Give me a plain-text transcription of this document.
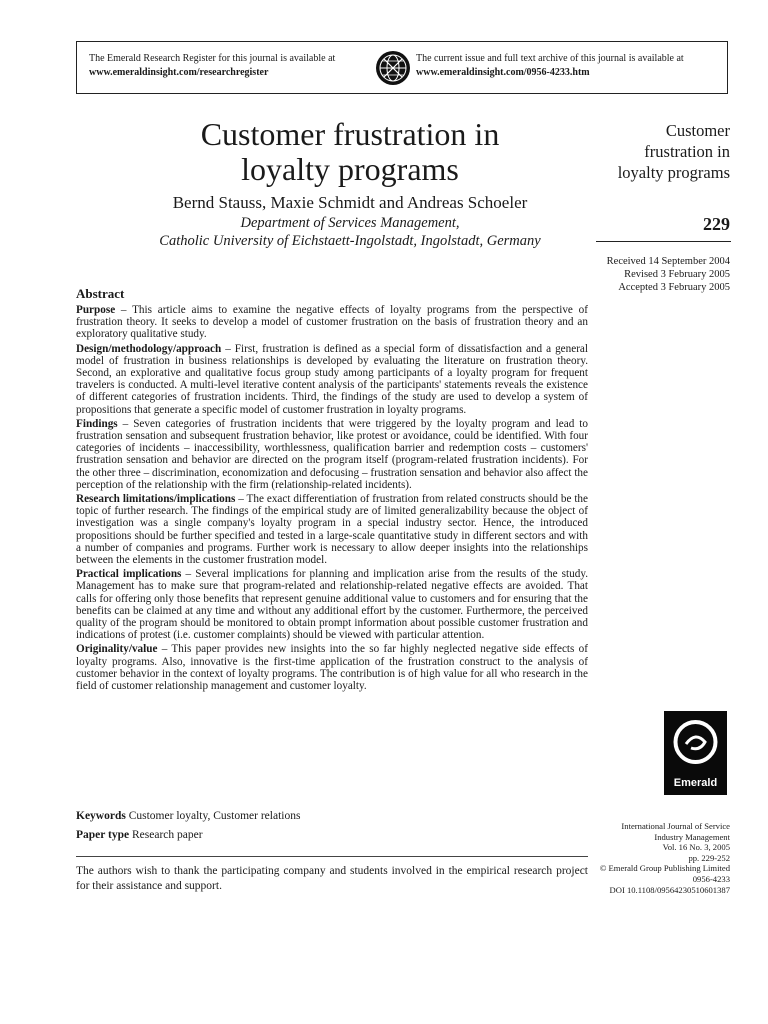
The Emerald Research Register for this journal is available at
www.emeraldinsight.com/researchregister
The current issue and full text archive of this journal is available at
www.emeraldinsight.com/0956-4233.htm
Customer frustration in
loyalty programs
Bernd Stauss, Maxie Schmidt and Andreas Schoeler
Department of Services Management,
Catholic University of Eichstaett-Ingolstadt, Ingolstadt, Germany
Customer
frustration in
loyalty programs
229
Received 14 September 2004
Revised 3 February 2005
Accepted 3 February 2005
Abstract

Purpose – This article aims to examine the negative effects of loyalty programs from the perspective of frustration theory. It seeks to develop a model of customer frustration on the basis of frustration theory and an exploratory qualitative study.

Design/methodology/approach – First, frustration is defined as a special form of dissatisfaction and a general model of frustration in business relationships is developed by evaluating the literature on frustration theory. Second, an explorative and qualitative focus group study among participants of a loyalty program for frequent travelers is conducted. A multi-level iterative content analysis of the participants' statements reveals the existence of different categories of frustration incidents. Third, the findings of the study are used to develop a system of propositions that generate a specific model of customer frustration in loyalty programs.

Findings – Seven categories of frustration incidents that were triggered by the loyalty program and lead to frustration sensation and subsequent frustration behavior, like protest or avoidance, could be identified. With four categories of incidents – inaccessibility, worthlessness, qualification barrier and redemption costs – customers' frustration sensation and behavior are directed on the program itself (program-related frustration incidents). For the other three – discrimination, economization and defocusing – frustration sensation and behavior also affect the perception of the relationship with the firm (relationship-related incidents).

Research limitations/implications – The exact differentiation of frustration from related constructs should be the topic of further research. The findings of the empirical study are of limited generalizability because the object of investigation was a single company's loyalty program in a special industry sector. Hence, the introduced propositions should be further specified and tested in a large-scale quantitative study in different sectors and with a number of companies and programs. Further work is necessary to allow deeper insights into the relationships between the elements in the customer frustration model.

Practical implications – Several implications for planning and implication arise from the results of the study. Management has to make sure that program-related and relationship-related negative effects are avoided. That calls for offering only those benefits that represent genuine additional value to customers and for ensuring that the benefits can be claimed at any time and without any additional effort by the customer. Furthermore, the perceived quality of the program should be monitored to obtain prompt information about possible customer frustration and indications of protest (i.e. customer complaints) should be viewed with particular attention.

Originality/value – This paper provides new insights into the so far highly neglected negative side effects of loyalty programs. Also, innovative is the first-time application of the frustration construct to the analysis of customer behavior in the context of loyalty programs. The contribution is of high value for all who research in the field of customer relationship management and customer loyalty.

Keywords Customer loyalty, Customer relations
Paper type Research paper
The authors wish to thank the participating company and students involved in the empirical research project for their assistance and support.
Emerald
International Journal of Service
Industry Management
Vol. 16 No. 3, 2005
pp. 229-252
© Emerald Group Publishing Limited
0956-4233
DOI 10.1108/09564230510601387
